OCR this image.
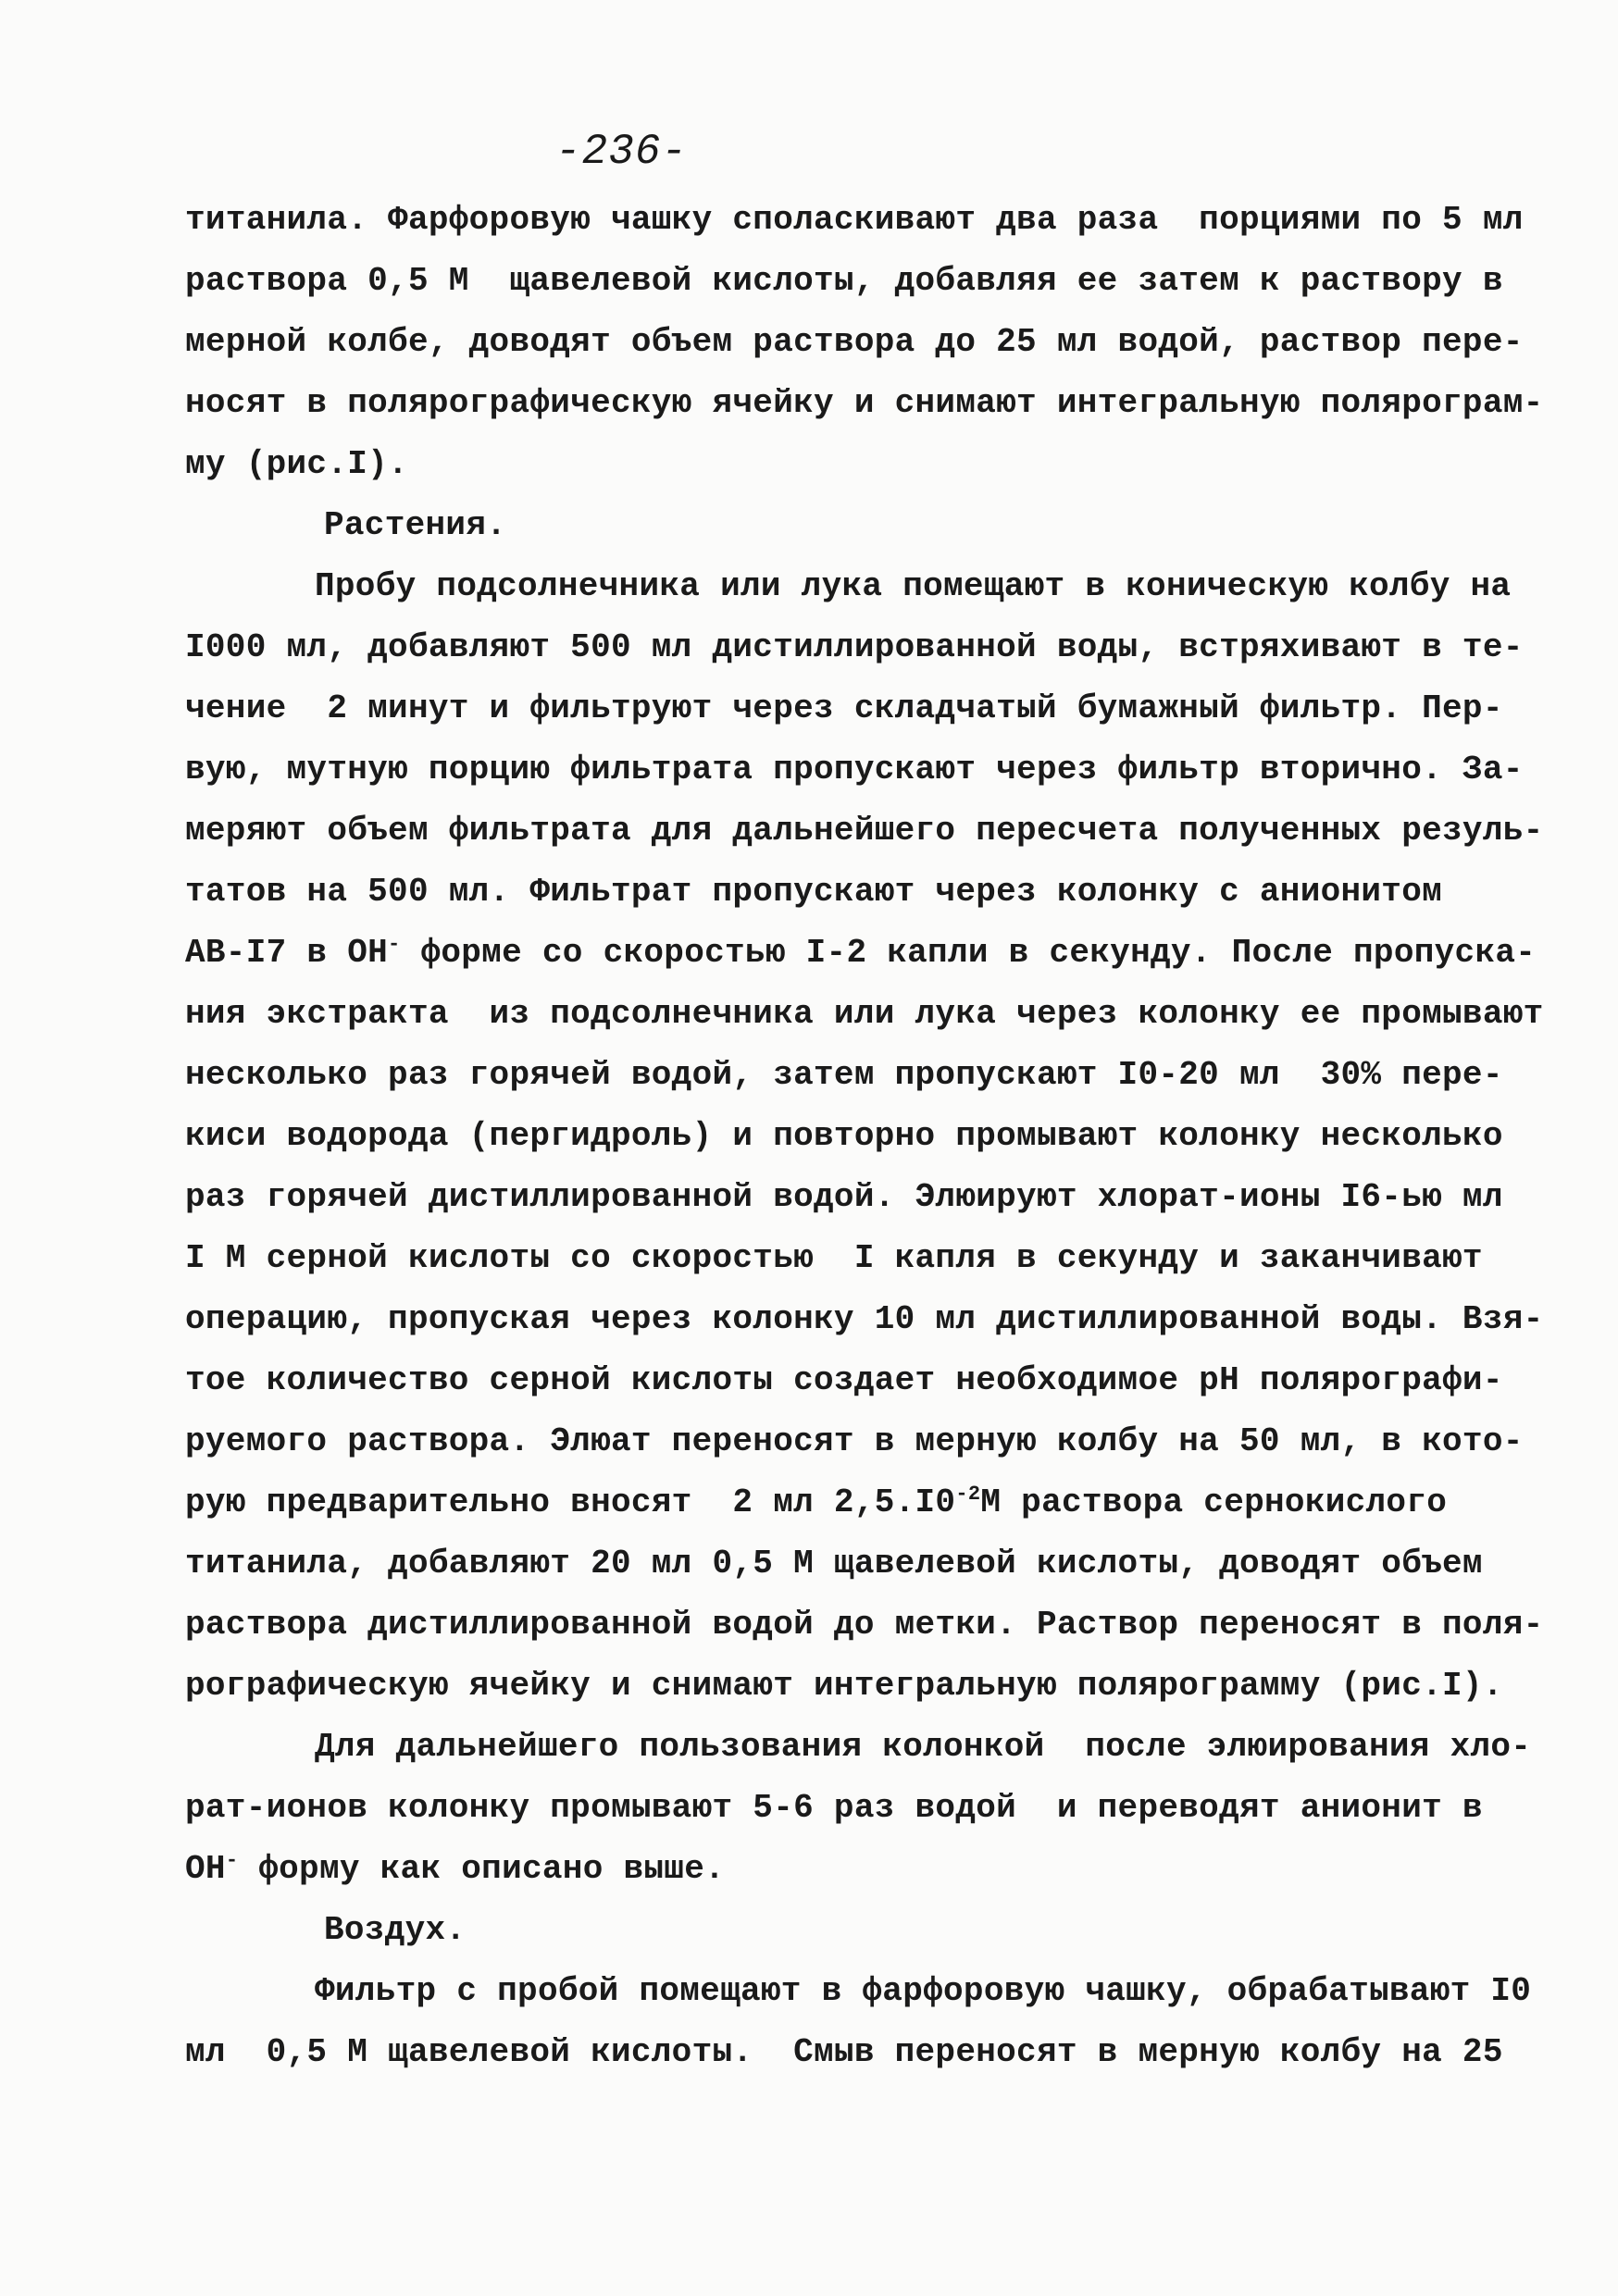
-236-
титанила. Фарфоровую чашку споласкивают два раза  порциями по 5 мл
раствора 0,5 М  щавелевой кислоты, добавляя ее затем к раствору в
мерной колбе, доводят объем раствора до 25 мл водой, раствор пере-
носят в полярографическую ячейку и снимают интегральную полярограм-
му (рис.I).
Растения.
Пробу подсолнечника или лука помещают в коническую колбу на
I000 мл, добавляют 500 мл дистиллированной воды, встряхивают в те-
чение  2 минут и фильтруют через складчатый бумажный фильтр. Пер-
вую, мутную порцию фильтрата пропускают через фильтр вторично. За-
меряют объем фильтрата для дальнейшего пересчета полученных резуль-
татов на 500 мл. Фильтрат пропускают через колонку с анионитом
АВ-I7 в ОН- форме со скоростью I-2 капли в секунду. После пропуска-
ния экстракта  из подсолнечника или лука через колонку ее промывают
несколько раз горячей водой, затем пропускают I0-20 мл  30% пере-
киси водорода (пергидроль) и повторно промывают колонку несколько
раз горячей дистиллированной водой. Элюируют хлорат-ионы I6-ью мл
I М серной кислоты со скоростью  I капля в секунду и заканчивают
операцию, пропуская через колонку 10 мл дистиллированной воды. Взя-
тое количество серной кислоты создает необходимое рН полярографи-
руемого раствора. Элюат переносят в мерную колбу на 50 мл, в кото-
рую предварительно вносят  2 мл $2,5.I0^{-2}М$ раствора сернокислого
титанила, добавляют 20 мл 0,5 М щавелевой кислоты, доводят объем
раствора дистиллированной водой до метки. Раствор переносят в поля-
рографическую ячейку и снимают интегральную полярограмму (рис.I).
Для дальнейшего пользования колонкой  после элюирования хло-
рат-ионов колонку промывают 5-6 раз водой  и переводят анионит в
ОН- форму как описано выше.
Воздух.
Фильтр с пробой помещают в фарфоровую чашку, обрабатывают I0
мл  0,5 М щавелевой кислоты.  Смыв переносят в мерную колбу на 25
